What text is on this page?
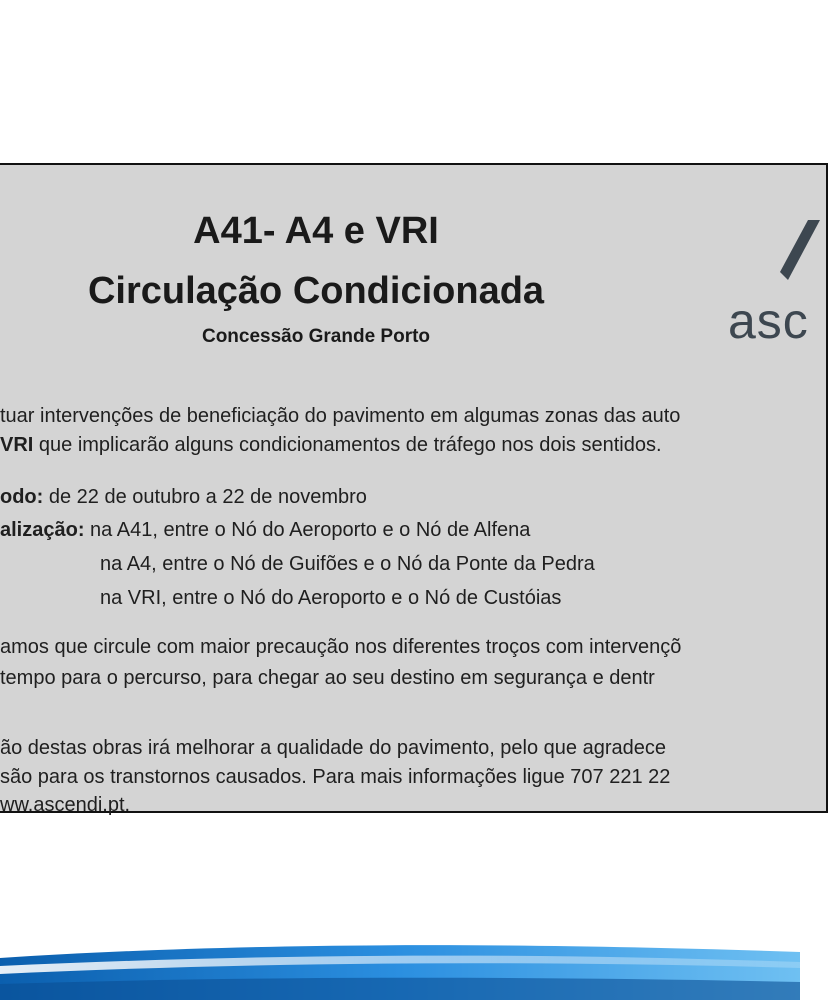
A41- A4 e VRI
Circulação Condicionada
Concessão Grande Porto	asc
tuar intervenções de beneficiação do pavimento em algumas zonas das auto
VRI que implicarão alguns condicionamentos de tráfego nos dois sentidos.
odo: de 22 de outubro a 22 de novembro
alização: na A41, entre o Nó do Aeroporto e o Nó de Alfena
na A4, entre o Nó de Guifões e o Nó da Ponte da Pedra
na VRI, entre o Nó do Aeroporto e o Nó de Custóias
amos que circule com maior precaução nos diferentes troços com intervençõ
tempo para o percurso, para chegar ao seu destino em segurança e dentr
ão destas obras irá melhorar a qualidade do pavimento, pelo que agradece
são para os transtornos causados. Para mais informações ligue 707 221 22
ww.ascendi.pt.
